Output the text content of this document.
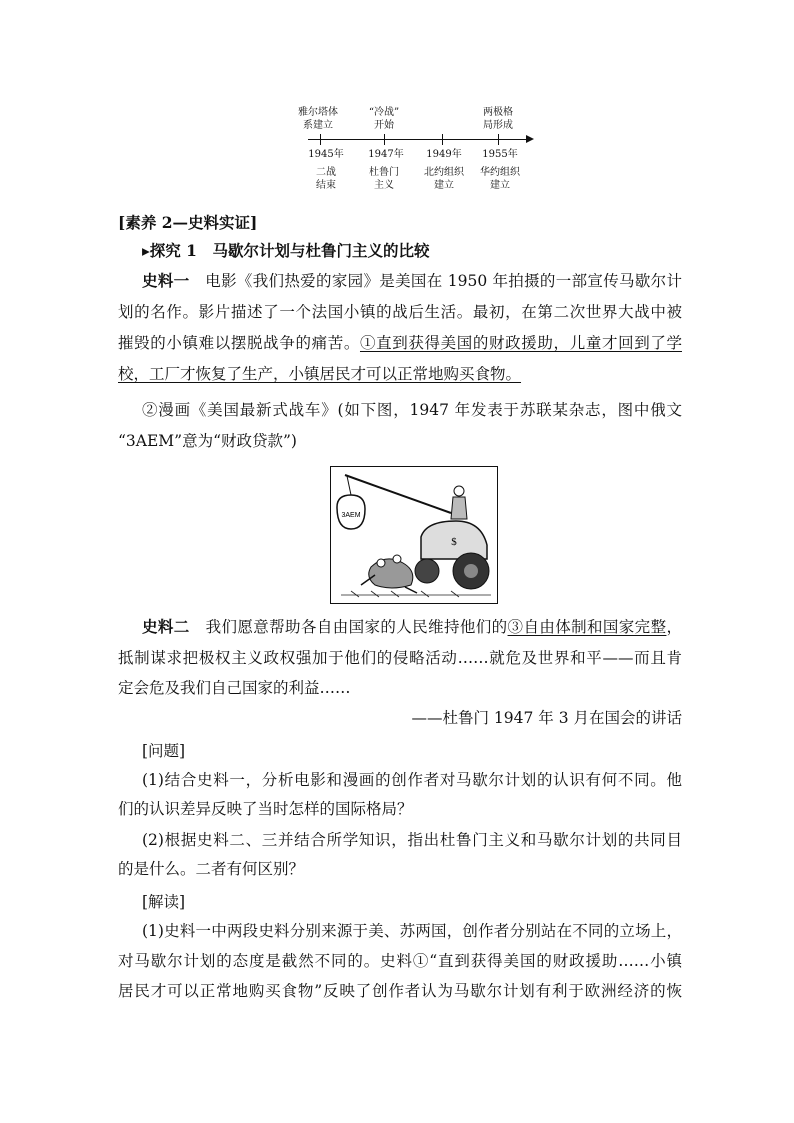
雅尔塔体
系建立
“冷战”
开始
两极格
局形成
1945年	1947年	1949年	1955年
二战
结束
杜鲁门
主义
北约组织
建立
华约组织
建立
[素养 2—史料实证]
▸探究 1　马歇尔计划与杜鲁门主义的比较
史料一　 电影《我们热爱的家园》是美国在 1950 年拍摄的一部宣传马歇尔计
划的名作。影片描述了一个法国小镇的战后生活。最初，在第二次世界大战中被
摧毁的小镇难以摆脱战争的痛苦。①直到获得美国的财政援助，儿童才回到了学
校，工厂才恢复了生产，小镇居民才可以正常地购买食物。
②漫画《美国最新式战车》(如下图，1947 年发表于苏联某杂志，图中俄文
“3AEM”意为“财政贷款”)
3AEM
$
史料二　 我们愿意帮助各自由国家的人民维持他们的③自由体制和国家完整，
抵制谋求把极权主义政权强加于他们的侵略活动……就危及世界和平——而且肯
定会危及我们自己国家的利益……
——杜鲁门 1947 年 3 月在国会的讲话
[问题]
(1)结合史料一，分析电影和漫画的创作者对马歇尔计划的认识有何不同。他
们的认识差异反映了当时怎样的国际格局？
(2)根据史料二、三并结合所学知识，指出杜鲁门主义和马歇尔计划的共同目
的是什么。二者有何区别？
[解读]
(1)史料一中两段史料分别来源于美、苏两国，创作者分别站在不同的立场上，
对马歇尔计划的态度是截然不同的。史料①“直到获得美国的财政援助……小镇
居民才可以正常地购买食物”反映了创作者认为马歇尔计划有利于欧洲经济的恢
